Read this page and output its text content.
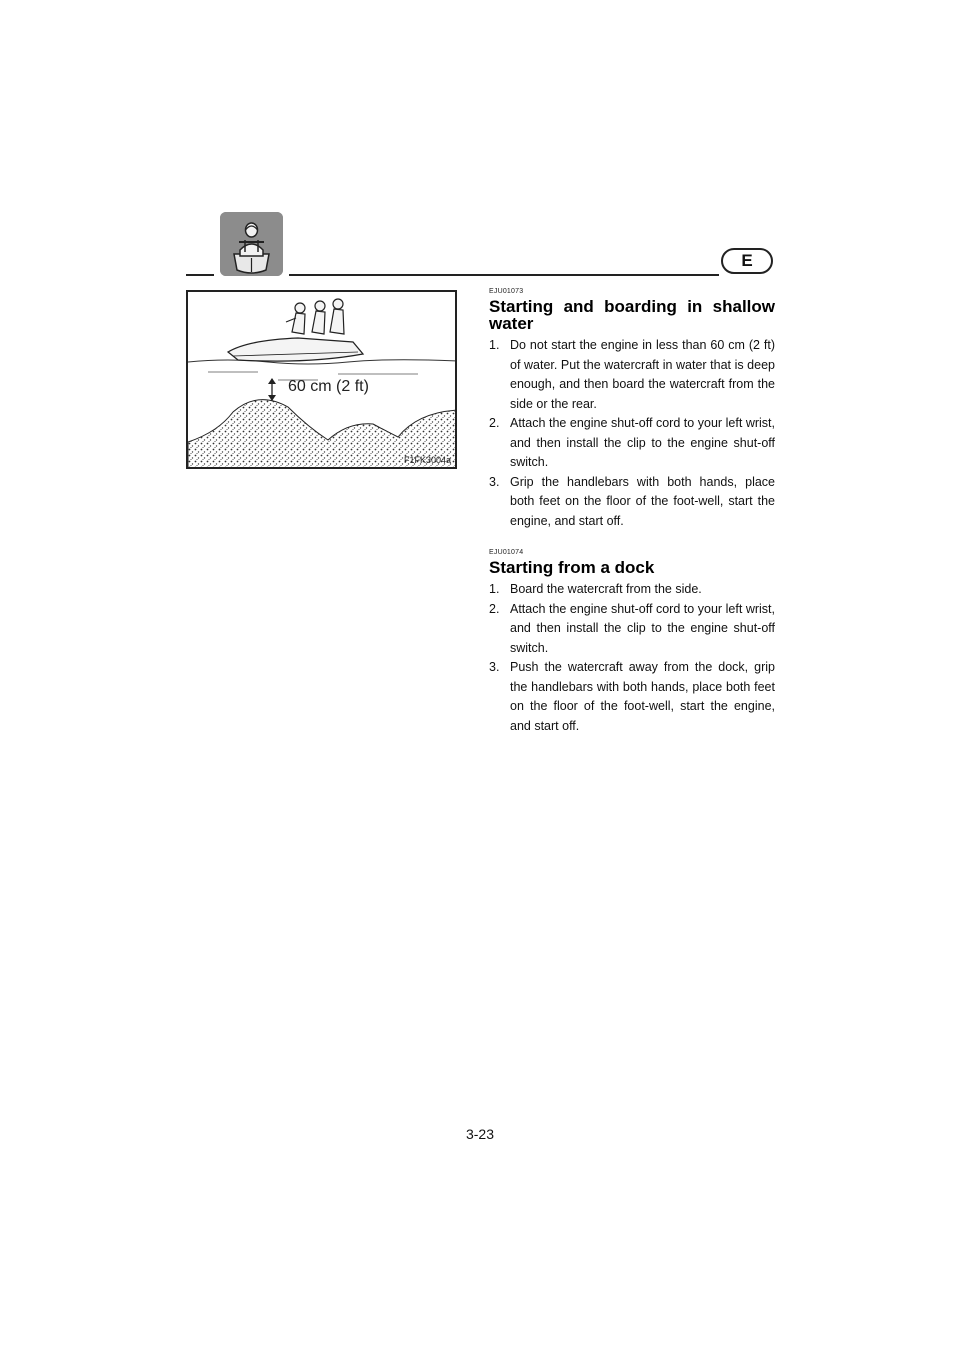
E
60 cm (2 ft)
F1FK3004a
EJU01073
Starting and boarding in shallow water
1. Do not start the engine in less than 60 cm (2 ft) of water. Put the watercraft in water that is deep enough, and then board the watercraft from the side or the rear.
2. Attach the engine shut-off cord to your left wrist, and then install the clip to the engine shut-off switch.
3. Grip the handlebars with both hands, place both feet on the floor of the foot-well, start the engine, and start off.
EJU01074
Starting from a dock
1. Board the watercraft from the side.
2. Attach the engine shut-off cord to your left wrist, and then install the clip to the engine shut-off switch.
3. Push the watercraft away from the dock, grip the handlebars with both hands, place both feet on the floor of the foot-well, start the engine, and start off.
3-23
